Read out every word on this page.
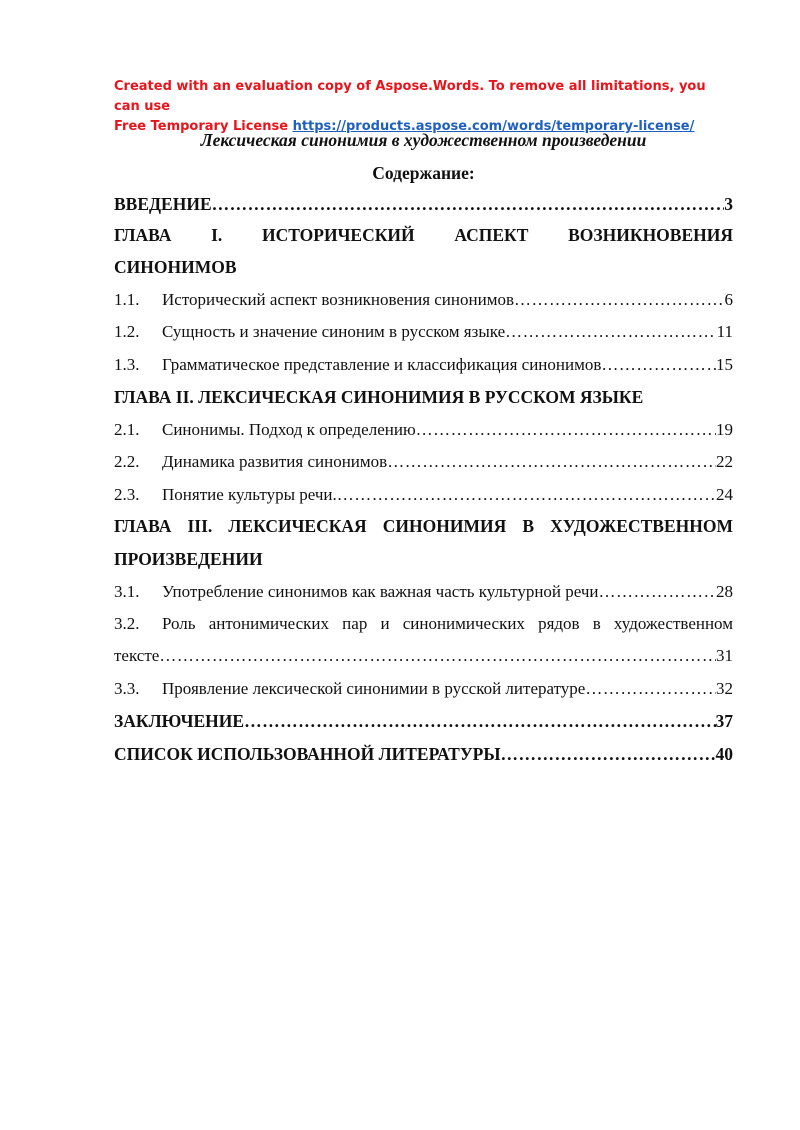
Created with an evaluation copy of Aspose.Words. To remove all limitations, you can use
Free Temporary License https://products.aspose.com/words/temporary-license/
Лексическая синонимия в художественном произведении
Содержание:
ВВЕДЕНИЕ ……………………………………………………………………………………………………………………………………………………………	3
ГЛАВА I. ИСТОРИЧЕСКИЙ АСПЕКТ ВОЗНИКНОВЕНИЯ
СИНОНИМОВ
1.1.	Исторический аспект возникновения синонимов ……………………………………………………………………………………………………………………………………………………………	6
1.2.	Сущность и значение синоним в русском языке ……………………………………………………………………………………………………………………………………………………………	11
1.3.	Грамматическое представление и классификация синонимов ……………………………………………………………………………………………………………………………………………………………	15
ГЛАВА II. ЛЕКСИЧЕСКАЯ СИНОНИМИЯ В РУССКОМ ЯЗЫКЕ
2.1.	Синонимы. Подход к определению ……………………………………………………………………………………………………………………………………………………………	19
2.2.	Динамика развития синонимов ……………………………………………………………………………………………………………………………………………………………	22
2.3.	Понятие культуры речи. ……………………………………………………………………………………………………………………………………………………………	24
ГЛАВА III. ЛЕКСИЧЕСКАЯ СИНОНИМИЯ В ХУДОЖЕСТВЕННОМ
ПРОИЗВЕДЕНИИ
3.1.	Употребление синонимов как важная часть культурной речи ……………………………………………………………………………………………………………………………………………………………	28
3.2.	Роль антонимических пар и синонимических рядов в художественном
тексте ……………………………………………………………………………………………………………………………………………………………	31
3.3.	Проявление лексической синонимии в русской литературе ……………………………………………………………………………………………………………………………………………………………	32
ЗАКЛЮЧЕНИЕ ……………………………………………………………………………………………………………………………………………………………	37
СПИСОК ИСПОЛЬЗОВАННОЙ ЛИТЕРАТУРЫ ……………………………………………………………………………………………………………………………………………………………	40
